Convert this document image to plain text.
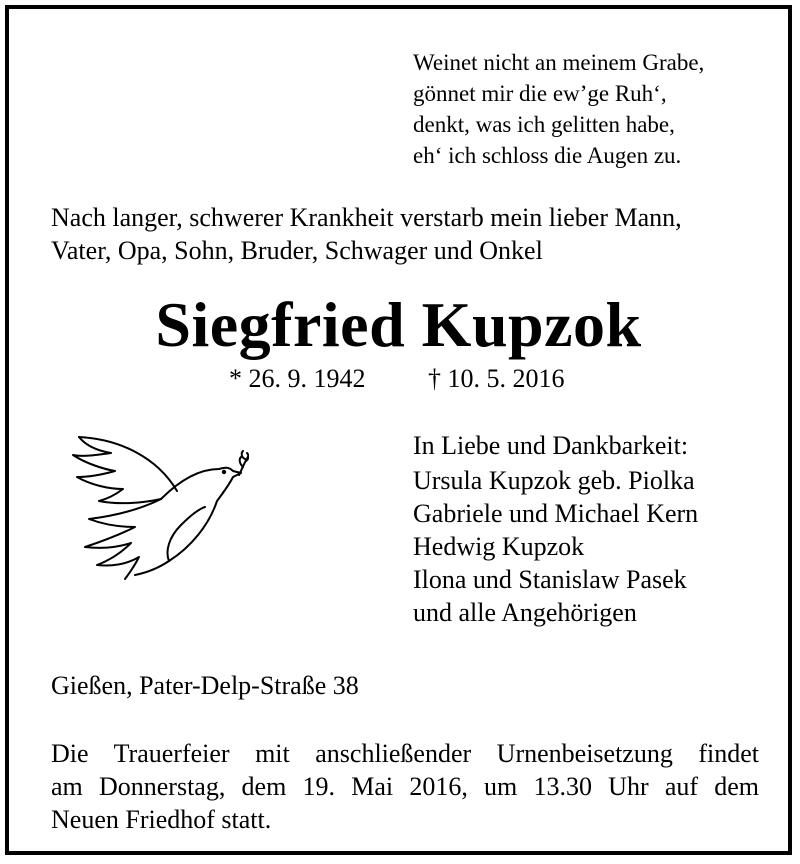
Weinet nicht an meinem Grabe,
gönnet mir die ew’ge Ruh‘,
denkt, was ich gelitten habe,
eh‘ ich schloss die Augen zu.
Nach langer, schwerer Krankheit verstarb mein lieber Mann,
Vater, Opa, Sohn, Bruder, Schwager und Onkel
Siegfried Kupzok
* 26. 9. 1942 † 10. 5. 2016
In Liebe und Dankbarkeit:
Ursula Kupzok geb. Piolka
Gabriele und Michael Kern
Hedwig Kupzok
Ilona und Stanislaw Pasek
und alle Angehörigen
Gießen, Pater-Delp-Straße 38
Die Trauerfeier mit anschließender Urnenbeisetzung findet
am Donnerstag, dem 19. Mai 2016, um 13.30 Uhr auf dem
Neuen Friedhof statt.
